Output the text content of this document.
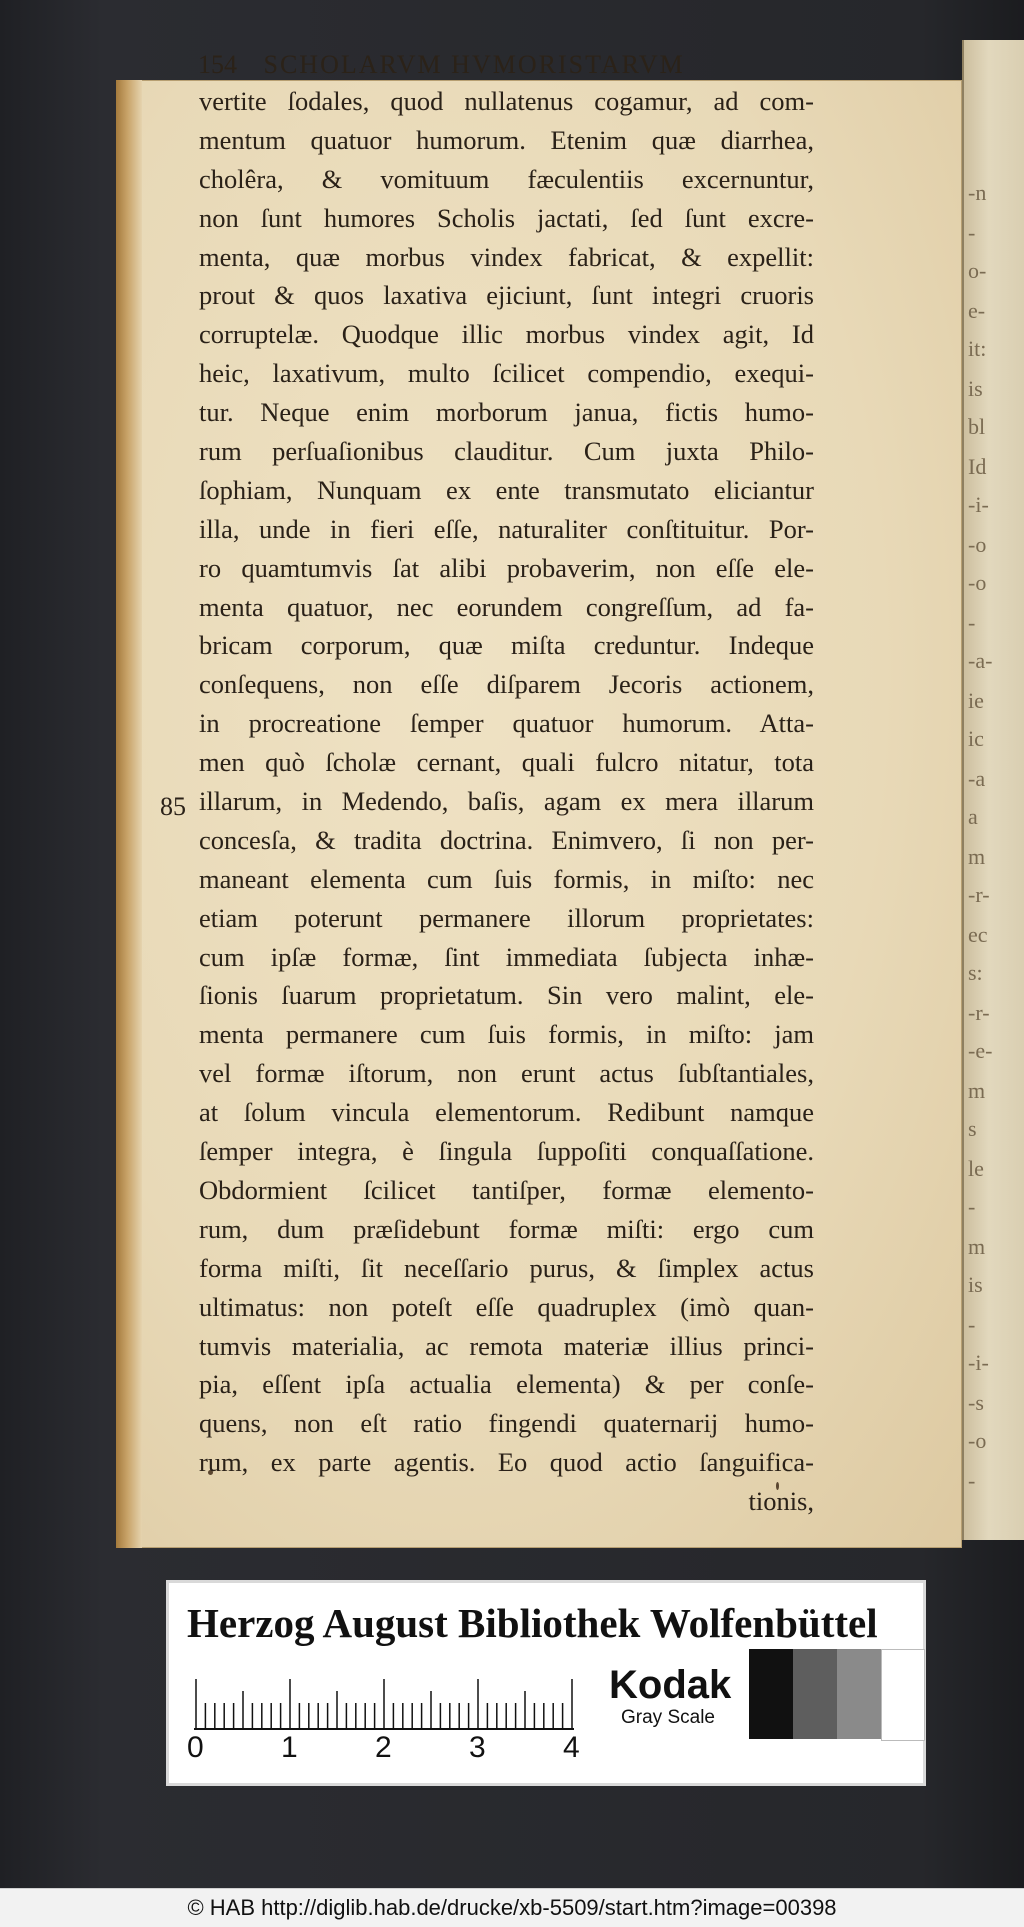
-n
-
o-
e-
it:
is
bl
Id
-i-
-o
-o
-
-a-
ie
ic
-a
a
m
-r-
ec
s:
-r-
-e-
m
s
le
-
m
is
-
-i-
-s
-o
-
154 SCHOLARVM HVMORISTARVM
85
vertite ſodales, quod nullatenus cogamur, ad com-
mentum quatuor humorum. Etenim quæ diarrhea,
cholêra, & vomituum fæculentiis excernuntur,
non ſunt humores Scholis jactati, ſed ſunt excre-
menta, quæ morbus vindex fabricat, & expellit:
prout & quos laxativa ejiciunt, ſunt integri cruoris
corruptelæ. Quodque illic morbus vindex agit, Id
heic, laxativum, multo ſcilicet compendio, exequi-
tur. Neque enim morborum janua, fictis humo-
rum perſuaſionibus clauditur. Cum juxta Philo-
ſophiam, Nunquam ex ente transmutato eliciantur
illa, unde in fieri eſſe, naturaliter conſtituitur. Por-
ro quamtumvis ſat alibi probaverim, non eſſe ele-
menta quatuor, nec eorundem congreſſum, ad fa-
bricam corporum, quæ miſta creduntur. Indeque
conſequens, non eſſe diſparem Jecoris actionem,
in procreatione ſemper quatuor humorum. Atta-
men quò ſcholæ cernant, quali fulcro nitatur, tota
illarum, in Medendo, baſis, agam ex mera illarum
concesſa, & tradita doctrina. Enimvero, ſi non per-
maneant elementa cum ſuis formis, in miſto: nec
etiam poterunt permanere illorum proprietates:
cum ipſæ formæ, ſint immediata ſubjecta inhæ-
ſionis ſuarum proprietatum. Sin vero malint, ele-
menta permanere cum ſuis formis, in miſto: jam
vel formæ iſtorum, non erunt actus ſubſtantiales,
at ſolum vincula elementorum. Redibunt namque
ſemper integra, è ſingula ſuppoſiti conquaſſatione.
Obdormient ſcilicet tantiſper, formæ elemento-
rum, dum præſidebunt formæ miſti: ergo cum
forma miſti, ſit neceſſario purus, & ſimplex actus
ultimatus: non poteſt eſſe quadruplex (imò quan-
tumvis materialia, ac remota materiæ illius princi-
pia, eſſent ipſa actualia elementa) & per conſe-
quens, non eſt ratio fingendi quaternarij humo-
rum, ex parte agentis. Eo quod actio ſanguifica-
tionis,
Herzog August Bibliothek Wolfenbüttel
0	1	2	3	4
Kodak
Gray Scale
© HAB http://diglib.hab.de/drucke/xb-5509/start.htm?image=00398
